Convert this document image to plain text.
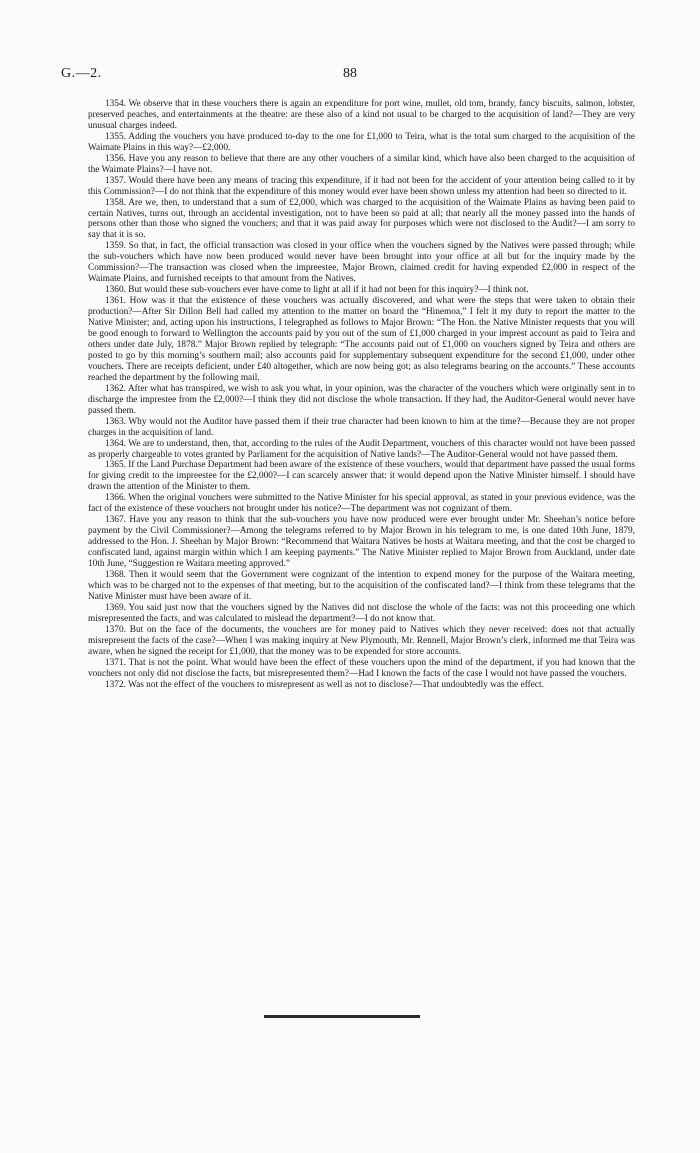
G.—2.	88

1354. We observe that in these vouchers there is again an expenditure for port wine, mullet, old tom, brandy, fancy biscuits, salmon, lobster, preserved peaches, and entertainments at the theatre: are these also of a kind not usual to be charged to the acquisition of land?—They are very unusual charges indeed.

1355. Adding the vouchers you have produced to-day to the one for £1,000 to Teira, what is the total sum charged to the acquisition of the Waimate Plains in this way?—£2,000.

1356. Have you any reason to believe that there are any other vouchers of a similar kind, which have also been charged to the acquisition of the Waimate Plains?—I have not.

1357. Would there have been any means of tracing this expenditure, if it had not been for the accident of your attention being called to it by this Commission?—I do not think that the expenditure of this money would ever have been shown unless my attention had been so directed to it.

1358. Are we, then, to understand that a sum of £2,000, which was charged to the acquisition of the Waimate Plains as having been paid to certain Natives, turns out, through an accidental investigation, not to have been so paid at all; that nearly all the money passed into the hands of persons other than those who signed the vouchers; and that it was paid away for purposes which were not disclosed to the Audit?—I am sorry to say that it is so.

1359. So that, in fact, the official transaction was closed in your office when the vouchers signed by the Natives were passed through; while the sub-vouchers which have now been produced would never have been brought into your office at all but for the inquiry made by the Commission?—The transaction was closed when the impreestee, Major Brown, claimed credit for having expended £2,000 in respect of the Waimate Plains, and furnished receipts to that amount from the Natives.

1360. But would these sub-vouchers ever have come to light at all if it had not been for this inquiry?—I think not.

1361. How was it that the existence of these vouchers was actually discovered, and what were the steps that were taken to obtain their production?—After Sir Dillon Bell had called my attention to the matter on board the “Hinemoa,” I felt it my duty to report the matter to the Native Minister; and, acting upon his instructions, I telegraphed as follows to Major Brown: “The Hon. the Native Minister requests that you will be good enough to forward to Wellington the accounts paid by you out of the sum of £1,000 charged in your imprest account as paid to Teira and others under date July, 1878.” Major Brown replied by telegraph: “The accounts paid out of £1,000 on vouchers signed by Teira and others are posted to go by this morning’s southern mail; also accounts paid for supplementary subsequent expenditure for the second £1,000, under other vouchers. There are receipts deficient, under £40 altogether, which are now being got; as also telegrams bearing on the accounts.” These accounts reached the department by the following mail.

1362. After what has transpired, we wish to ask you what, in your opinion, was the character of the vouchers which were originally sent in to discharge the imprestee from the £2,000?—I think they did not disclose the whole transaction. If they had, the Auditor-General would never have passed them.

1363. Why would not the Auditor have passed them if their true character had been known to him at the time?—Because they are not proper charges in the acquisition of land.

1364. We are to understand, then, that, according to the rules of the Audit Department, vouchers of this character would not have been passed as properly chargeable to votes granted by Parliament for the acquisition of Native lands?—The Auditor-General would not have passed them.

1365. If the Land Purchase Department had been aware of the existence of these vouchers, would that department have passed the usual forms for giving credit to the impreestee for the £2,000?—I can scarcely answer that: it would depend upon the Native Minister himself. I should have drawn the attention of the Minister to them.

1366. When the original vouchers were submitted to the Native Minister for his special approval, as stated in your previous evidence, was the fact of the existence of these vouchers not brought under his notice?—The department was not cognizant of them.

1367. Have you any reason to think that the sub-vouchers you have now produced were ever brought under Mr. Sheehan’s notice before payment by the Civil Commissioner?—Among the telegrams referred to by Major Brown in his telegram to me, is one dated 10th June, 1879, addressed to the Hon. J. Sheehan by Major Brown: “Recommend that Waitara Natives be hosts at Waitara meeting, and that the cost be charged to confiscated land, against margin within which I am keeping payments.” The Native Minister replied to Major Brown from Auckland, under date 10th June, “Suggestion re Waitara meeting approved.”

1368. Then it would seem that the Government were cognizant of the intention to expend money for the purpose of the Waitara meeting, which was to be charged not to the expenses of that meeting, but to the acquisition of the confiscated land?—I think from these telegrams that the Native Minister must have been aware of it.

1369. You said just now that the vouchers signed by the Natives did not disclose the whole of the facts: was not this proceeding one which misrepresented the facts, and was calculated to mislead the department?—I do not know that.

1370. But on the face of the documents, the vouchers are for money paid to Natives which they never received: does not that actually misrepresent the facts of the case?—When I was making inquiry at New Plymouth, Mr. Rennell, Major Brown’s clerk, informed me that Teira was aware, when he signed the receipt for £1,000, that the money was to be expended for store accounts.

1371. That is not the point. What would have been the effect of these vouchers upon the mind of the department, if you had known that the vouchers not only did not disclose the facts, but misrepresented them?—Had I known the facts of the case I would not have passed the vouchers.

1372. Was not the effect of the vouchers to misrepresent as well as not to disclose?—That undoubtedly was the effect.
